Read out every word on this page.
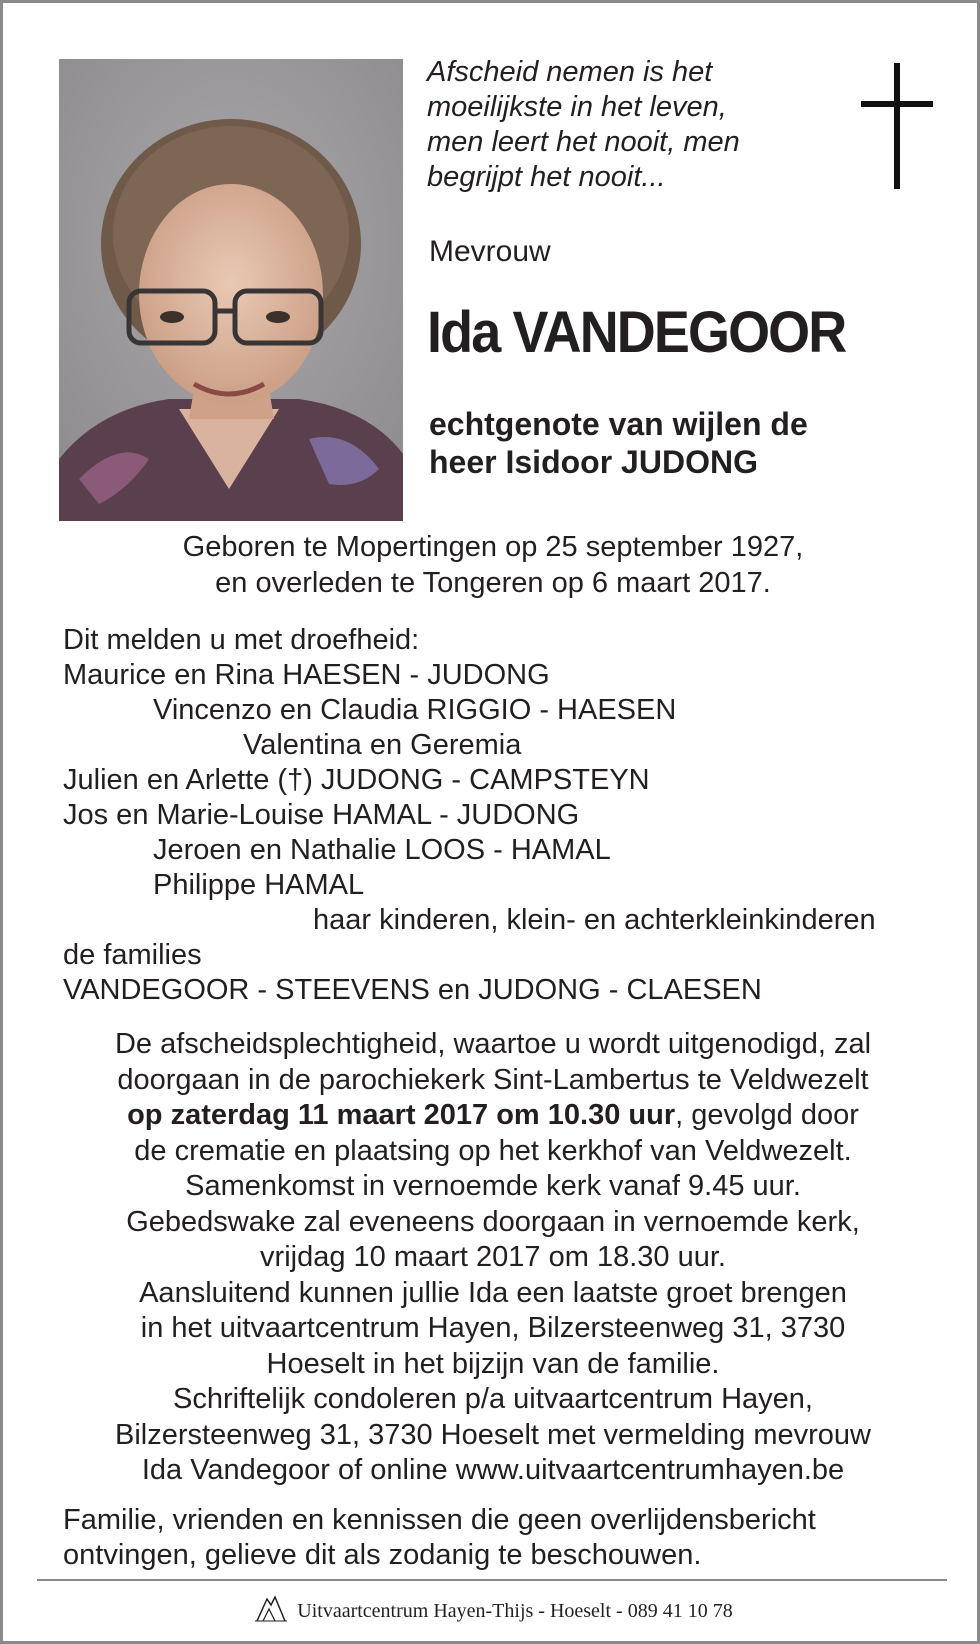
Afscheid nemen is het
moeilijkste in het leven,
men leert het nooit, men
begrijpt het nooit...
Mevrouw
Ida VANDEGOOR
echtgenote van wijlen de
heer Isidoor JUDONG
Geboren te Mopertingen op 25 september 1927,
en overleden te Tongeren op 6 maart 2017.
Dit melden u met droefheid:
Maurice en Rina HAESEN - JUDONG
Vincenzo en Claudia RIGGIO - HAESEN
Valentina en Geremia
Julien en Arlette (†) JUDONG - CAMPSTEYN
Jos en Marie-Louise HAMAL - JUDONG
Jeroen en Nathalie LOOS - HAMAL
Philippe HAMAL
haar kinderen, klein- en achterkleinkinderen
de families
VANDEGOOR - STEEVENS en JUDONG - CLAESEN
De afscheidsplechtigheid, waartoe u wordt uitgenodigd, zal
doorgaan in de parochiekerk Sint-Lambertus te Veldwezelt
op zaterdag 11 maart 2017 om 10.30 uur, gevolgd door
de crematie en plaatsing op het kerkhof van Veldwezelt.
Samenkomst in vernoemde kerk vanaf 9.45 uur.
Gebedswake zal eveneens doorgaan in vernoemde kerk,
vrijdag 10 maart 2017 om 18.30 uur.
Aansluitend kunnen jullie Ida een laatste groet brengen
in het uitvaartcentrum Hayen, Bilzersteenweg 31, 3730
Hoeselt in het bijzijn van de familie.
Schriftelijk condoleren p/a uitvaartcentrum Hayen,
Bilzersteenweg 31, 3730 Hoeselt met vermelding mevrouw
Ida Vandegoor of online www.uitvaartcentrumhayen.be
Familie, vrienden en kennissen die geen overlijdensbericht
ontvingen, gelieve dit als zodanig te beschouwen.
Uitvaartcentrum Hayen-Thijs - Hoeselt - 089 41 10 78
